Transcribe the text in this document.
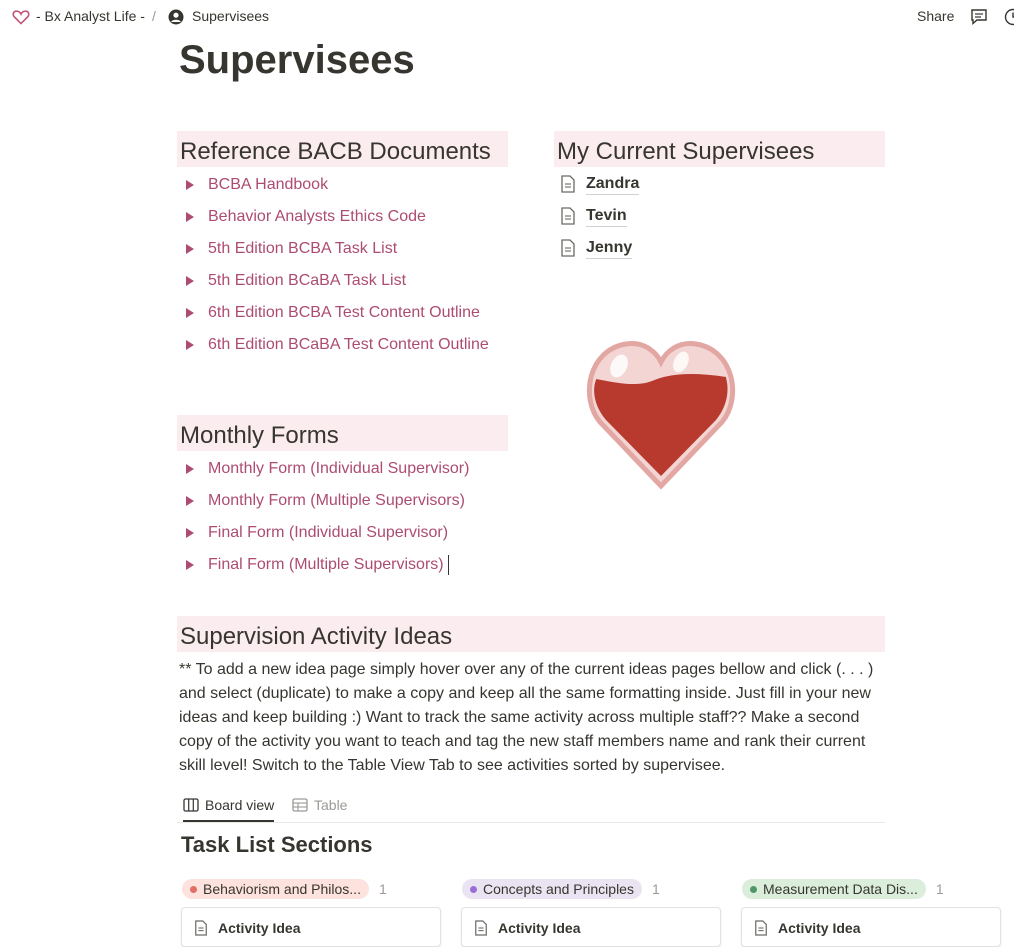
- Bx Analyst Life - /	Supervisees	Share
Supervisees
Reference BACB Documents
BCBA Handbook
Behavior Analysts Ethics Code
5th Edition BCBA Task List
5th Edition BCaBA Task List
6th Edition BCBA Test Content Outline
6th Edition BCaBA Test Content Outline
My Current Supervisees
Zandra
Tevin
Jenny
Monthly Forms
Monthly Form (Individual Supervisor)
Monthly Form (Multiple Supervisors)
Final Form (Individual Supervisor)
Final Form (Multiple Supervisors)
Supervision Activity Ideas

** To add a new idea page simply hover over any of the current ideas pages bellow and click (. . . ) and select (duplicate) to make a copy and keep all the same formatting inside. Just fill in your new ideas and keep building :) Want to track the same activity across multiple staff?? Make a second copy of the activity you want to teach and tag the new staff members name and rank their current skill level! Switch to the Table View Tab to see activities sorted by supervisee.

Board view	Table
Task List Sections
Behaviorism and Philos... 1	Concepts and Principles 1	Measurement Data Dis... 1
Activity Idea	Activity Idea	Activity Idea
